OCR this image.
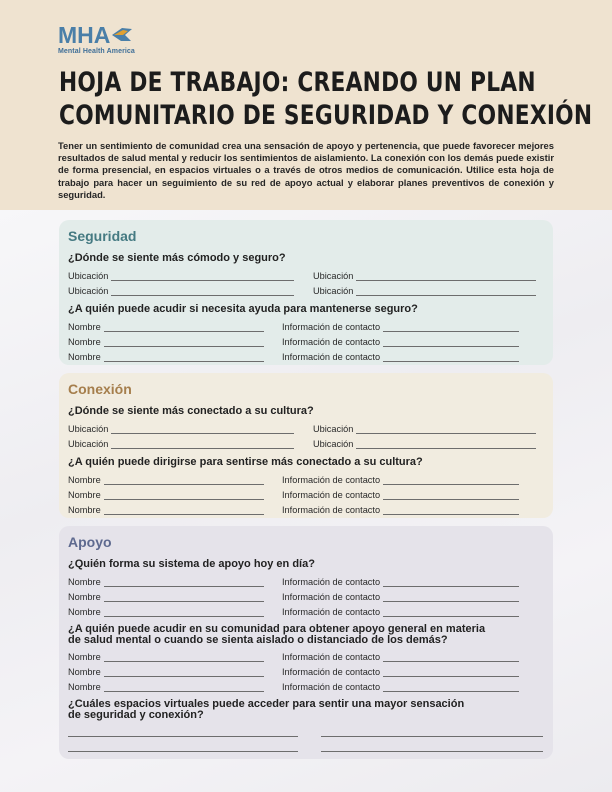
MHA
Mental Health America
HOJA DE TRABAJO: CREANDO UN PLAN
COMUNITARIO DE SEGURIDAD Y CONEXIÓN
Tener un sentimiento de comunidad crea una sensación de apoyo y pertenencia, que puede favorecer mejores resultados de salud mental y reducir los sentimientos de aislamiento. La conexión con los demás puede existir de forma presencial, en espacios virtuales o a través de otros medios de comunicación. Utilice esta hoja de trabajo para hacer un seguimiento de su red de apoyo actual y elaborar planes preventivos de conexión y seguridad.
Seguridad
¿Dónde se siente más cómodo y seguro?
Ubicación	Ubicación
Ubicación	Ubicación
¿A quién puede acudir si necesita ayuda para mantenerse seguro?
Nombre	Información de contacto
Nombre	Información de contacto
Nombre	Información de contacto
Conexión
¿Dónde se siente más conectado a su cultura?
Ubicación	Ubicación
Ubicación	Ubicación
¿A quién puede dirigirse para sentirse más conectado a su cultura?
Nombre	Información de contacto
Nombre	Información de contacto
Nombre	Información de contacto
Apoyo
¿Quién forma su sistema de apoyo hoy en día?
Nombre	Información de contacto
Nombre	Información de contacto
Nombre	Información de contacto
¿A quién puede acudir en su comunidad para obtener apoyo general en materia
de salud mental o cuando se sienta aislado o distanciado de los demás?
Nombre	Información de contacto
Nombre	Información de contacto
Nombre	Información de contacto
¿Cuáles espacios virtuales puede acceder para sentir una mayor sensación
de seguridad y conexión?
